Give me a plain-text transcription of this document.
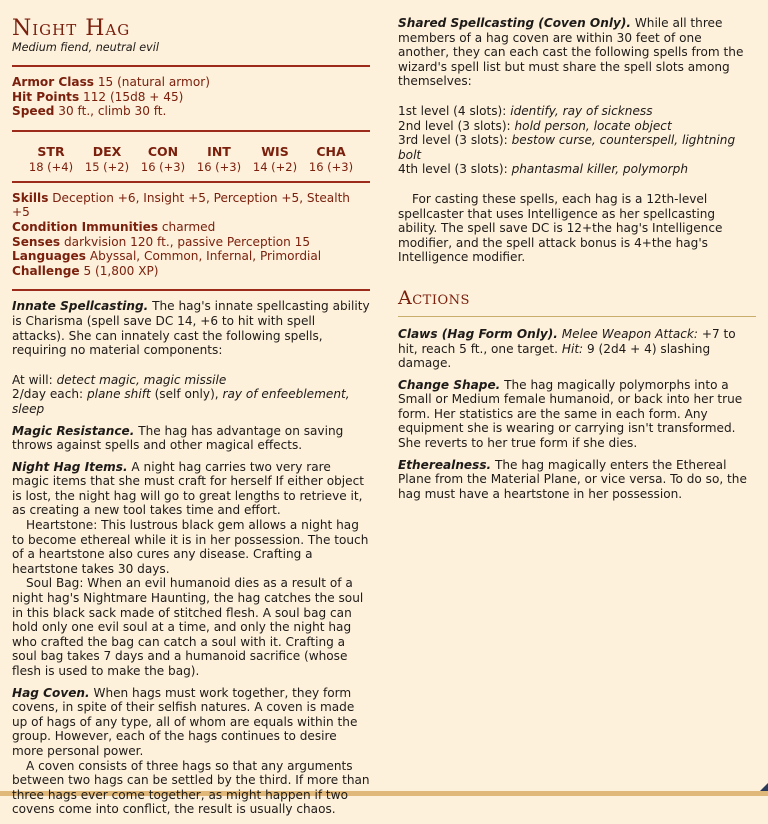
Night Hag
Medium fiend, neutral evil
Armor Class 15 (natural armor)
Hit Points 112 (15d8 + 45)
Speed 30 ft., climb 30 ft.
STR
18 (+4)
DEX
15 (+2)
CON
16 (+3)
INT
16 (+3)
WIS
14 (+2)
CHA
16 (+3)
Skills Deception +6, Insight +5, Perception +5, Stealth +5
Condition Immunities charmed
Senses darkvision 120 ft., passive Perception 15
Languages Abyssal, Common, Infernal, Primordial
Challenge 5 (1,800 XP)

Innate Spellcasting. The hag's innate spellcasting ability is Charisma (spell save DC 14, +6 to hit with spell attacks). She can innately cast the following spells, requiring no material components:

At will: detect magic, magic missile

2/day each: plane shift (self only), ray of enfeeblement, sleep

Magic Resistance. The hag has advantage on saving throws against spells and other magical effects.

Night Hag Items. A night hag carries two very rare magic items that she must craft for herself If either object is lost, the night hag will go to great lengths to retrieve it, as creating a new tool takes time and effort.

Heartstone: This lustrous black gem allows a night hag to become ethereal while it is in her possession. The touch of a heartstone also cures any disease. Crafting a heartstone takes 30 days.

Soul Bag: When an evil humanoid dies as a result of a night hag's Nightmare Haunting, the hag catches the soul in this black sack made of stitched flesh. A soul bag can hold only one evil soul at a time, and only the night hag who crafted the bag can catch a soul with it. Crafting a soul bag takes 7 days and a humanoid sacrifice (whose flesh is used to make the bag).

Hag Coven. When hags must work together, they form covens, in spite of their selfish natures. A coven is made up of hags of any type, all of whom are equals within the group. However, each of the hags continues to desire more personal power.

A coven consists of three hags so that any arguments between two hags can be settled by the third. If more than three hags ever come together, as might happen if two covens come into conflict, the result is usually chaos.

Shared Spellcasting (Coven Only). While all three members of a hag coven are within 30 feet of one another, they can each cast the following spells from the wizard's spell list but must share the spell slots among themselves:

1st level (4 slots): identify, ray of sickness

2nd level (3 slots): hold person, locate object

3rd level (3 slots): bestow curse, counterspell, lightning bolt

4th level (3 slots): phantasmal killer, polymorph

For casting these spells, each hag is a 12th-level spellcaster that uses Intelligence as her spellcasting ability. The spell save DC is 12+the hag's Intelligence modifier, and the spell attack bonus is 4+the hag's Intelligence modifier.

Actions

Claws (Hag Form Only). Melee Weapon Attack: +7 to hit, reach 5 ft., one target. Hit: 9 (2d4 + 4) slashing damage.

Change Shape. The hag magically polymorphs into a Small or Medium female humanoid, or back into her true form. Her statistics are the same in each form. Any equipment she is wearing or carrying isn't transformed. She reverts to her true form if she dies.

Etherealness. The hag magically enters the Ethereal Plane from the Material Plane, or vice versa. To do so, the hag must have a heartstone in her possession.
